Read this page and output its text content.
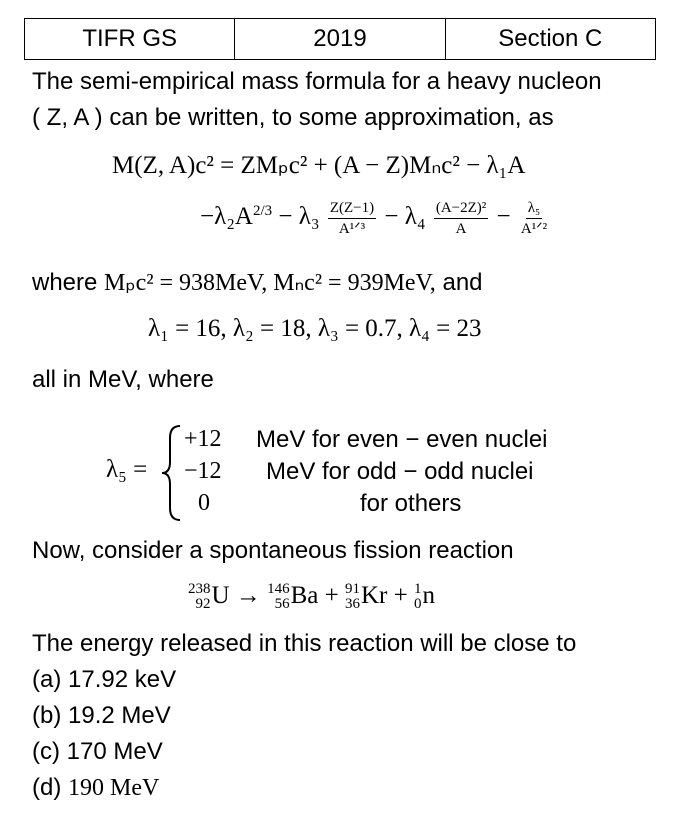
TIFR GS	2019	Section C
The semi-empirical mass formula for a heavy nucleon
( Z, A ) can be written, to some approximation, as
M(Z, A)c² = ZMₚc² + (A − Z)Mₙc² − λ₁A
$-\lambda_2A^{2/3} - \lambda_3 \frac{Z(Z-1)}{\text{A¹ᐟ³}} - \lambda_4 \frac{\text{(A−2Z)²}}{A} - \frac{\text{λ₅}}{\text{A¹ᐟ²}}$
where Mₚc² = 938MeV, Mₙc² = 939MeV, and
λ₁ = 16, λ₂ = 18, λ₃ = 0.7, λ₄ = 23
all in MeV, where
λ₅ =
+12 MeV for even − even nuclei
−12 MeV for odd − odd nuclei
0	for others
Now, consider a spontaneous fission reaction
238
92 U → 146
56 Ba + 91
36 Kr + 1
0 n
The energy released in this reaction will be close to
(a) 17.92 keV
(b) 19.2 MeV
(c) 170 MeV
(d) 190 MeV
